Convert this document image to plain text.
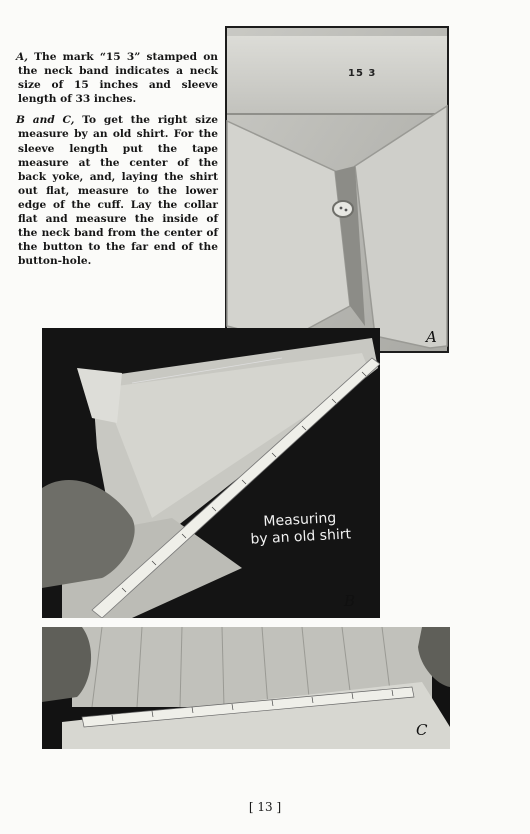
A, The mark “15 3” stamped on the neck band indicates a neck size of 15 inches and sleeve length of 33 inches.

B and C, To get the right size measure by an old shirt. For the sleeve length put the tape measure at the center of the back yoke, and, laying the shirt out flat, measure to the lower edge of the cuff. Lay the collar flat and measure the inside of the neck band from the center of the button to the far end of the button-hole.

15 3
A
Measuring
by an old shirt
B
C
[ 13 ]
